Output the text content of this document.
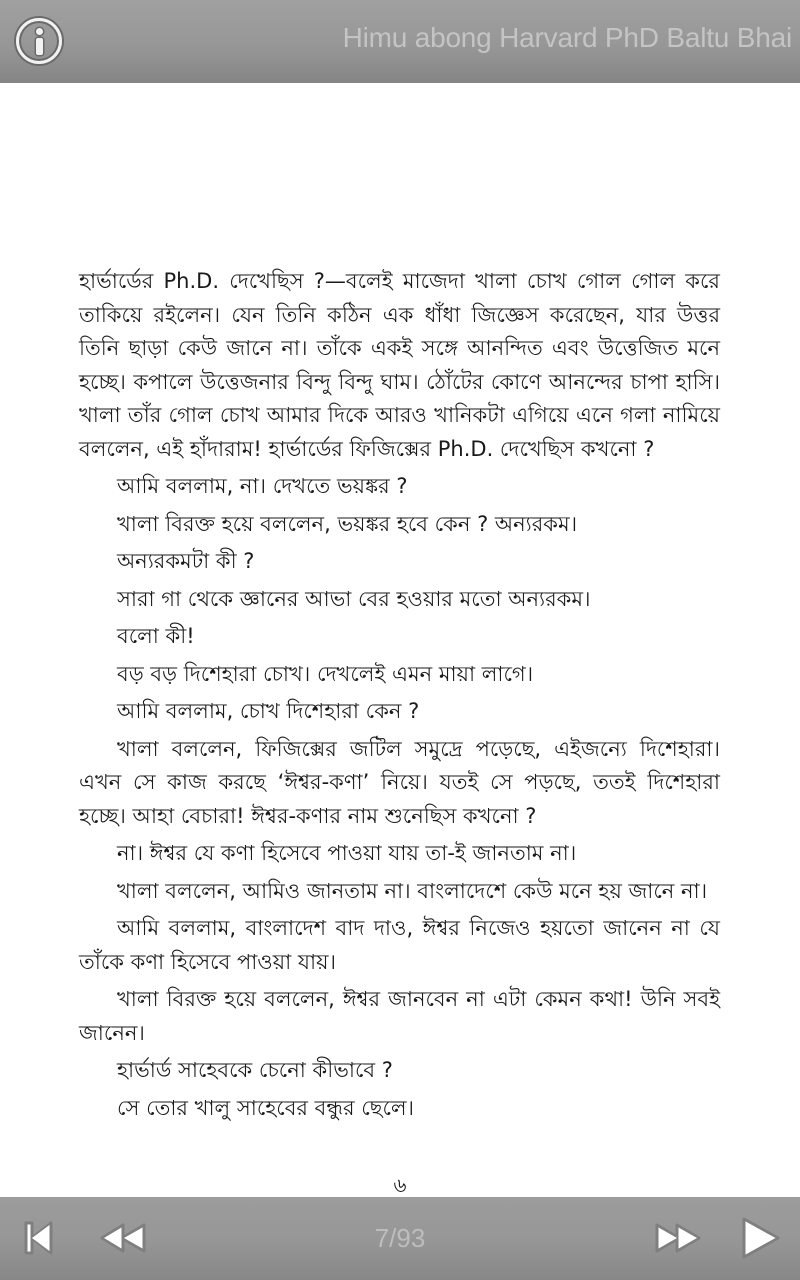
Himu abong Harvard PhD Baltu Bhai

হার্ভার্ডের Ph.D. দেখেছিস ?—বলেই মাজেদা খালা চোখ গোল গোল করে তাকিয়ে রইলেন। যেন তিনি কঠিন এক ধাঁধা জিজ্ঞেস করেছেন, যার উত্তর তিনি ছাড়া কেউ জানে না। তাঁকে একই সঙ্গে আনন্দিত এবং উত্তেজিত মনে হচ্ছে। কপালে উত্তেজনার বিন্দু বিন্দু ঘাম। ঠোঁটের কোণে আনন্দের চাপা হাসি। খালা তাঁর গোল চোখ আমার দিকে আরও খানিকটা এগিয়ে এনে গলা নামিয়ে বললেন, এই হাঁদারাম! হার্ভার্ডের ফিজিক্সের Ph.D. দেখেছিস কখনো ?

আমি বললাম, না। দেখতে ভয়ঙ্কর ?

খালা বিরক্ত হয়ে বললেন, ভয়ঙ্কর হবে কেন ? অন্যরকম।

অন্যরকমটা কী ?

সারা গা থেকে জ্ঞানের আভা বের হওয়ার মতো অন্যরকম।

বলো কী!

বড় বড় দিশেহারা চোখ। দেখলেই এমন মায়া লাগে।

আমি বললাম, চোখ দিশেহারা কেন ?

খালা বললেন, ফিজিক্সের জটিল সমুদ্রে পড়েছে, এইজন্যে দিশেহারা। এখন সে কাজ করছে ‘ঈশ্বর-কণা’ নিয়ে। যতই সে পড়ছে, ততই দিশেহারা হচ্ছে। আহা বেচারা! ঈশ্বর-কণার নাম শুনেছিস কখনো ?

না। ঈশ্বর যে কণা হিসেবে পাওয়া যায় তা-ই জানতাম না।

খালা বললেন, আমিও জানতাম না। বাংলাদেশে কেউ মনে হয় জানে না।

আমি বললাম, বাংলাদেশ বাদ দাও, ঈশ্বর নিজেও হয়তো জানেন না যে তাঁকে কণা হিসেবে পাওয়া যায়।

খালা বিরক্ত হয়ে বললেন, ঈশ্বর জানবেন না এটা কেমন কথা! উনি সবই জানেন।

হার্ভার্ড সাহেবকে চেনো কীভাবে ?

সে তোর খালু সাহেবের বন্ধুর ছেলে।

৬
7/93
